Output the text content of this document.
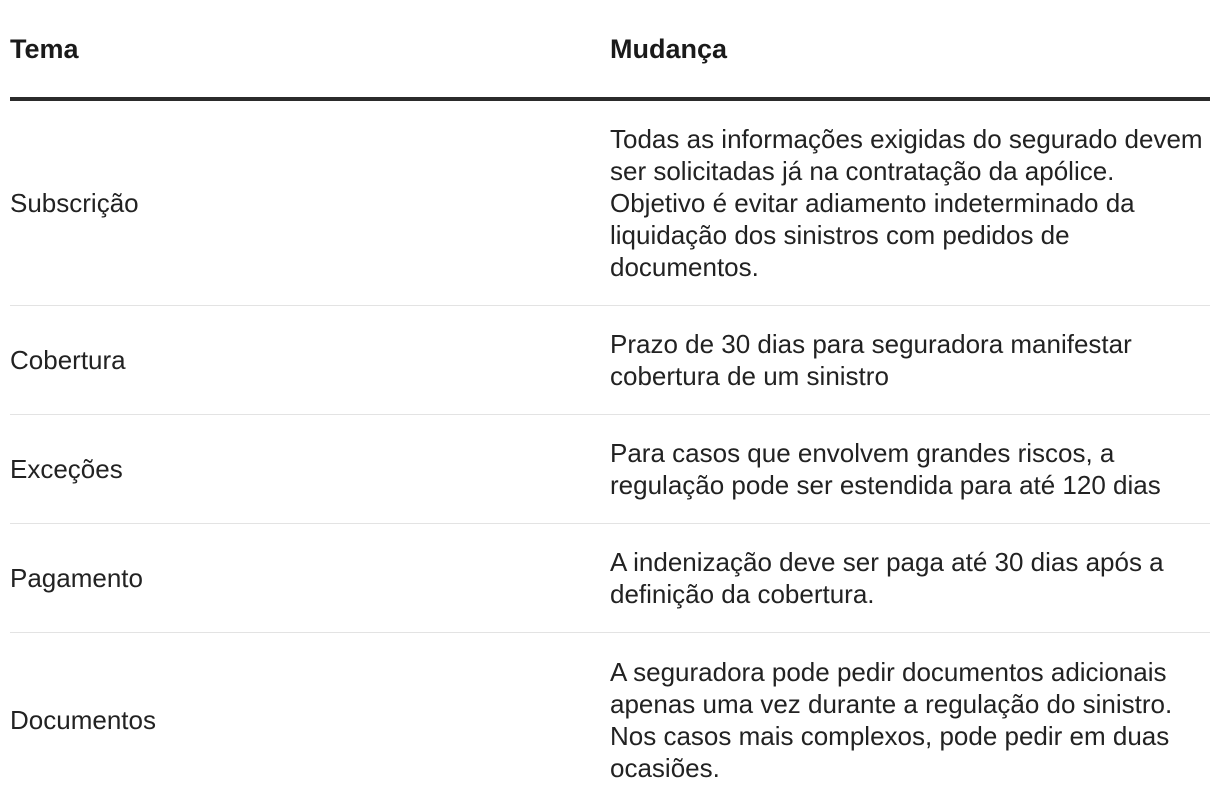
Tema	Mudança
Subscrição	Todas as informações exigidas do segurado devem ser solicitadas já na contratação da apólice. Objetivo é evitar adiamento indeterminado da liquidação dos sinistros com pedidos de documentos.
Cobertura	Prazo de 30 dias para seguradora manifestar cobertura de um sinistro
Exceções	Para casos que envolvem grandes riscos, a regulação pode ser estendida para até 120 dias
Pagamento	A indenização deve ser paga até 30 dias após a definição da cobertura.
Documentos	A seguradora pode pedir documentos adicionais apenas uma vez durante a regulação do sinistro. Nos casos mais complexos, pode pedir em duas ocasiões.
